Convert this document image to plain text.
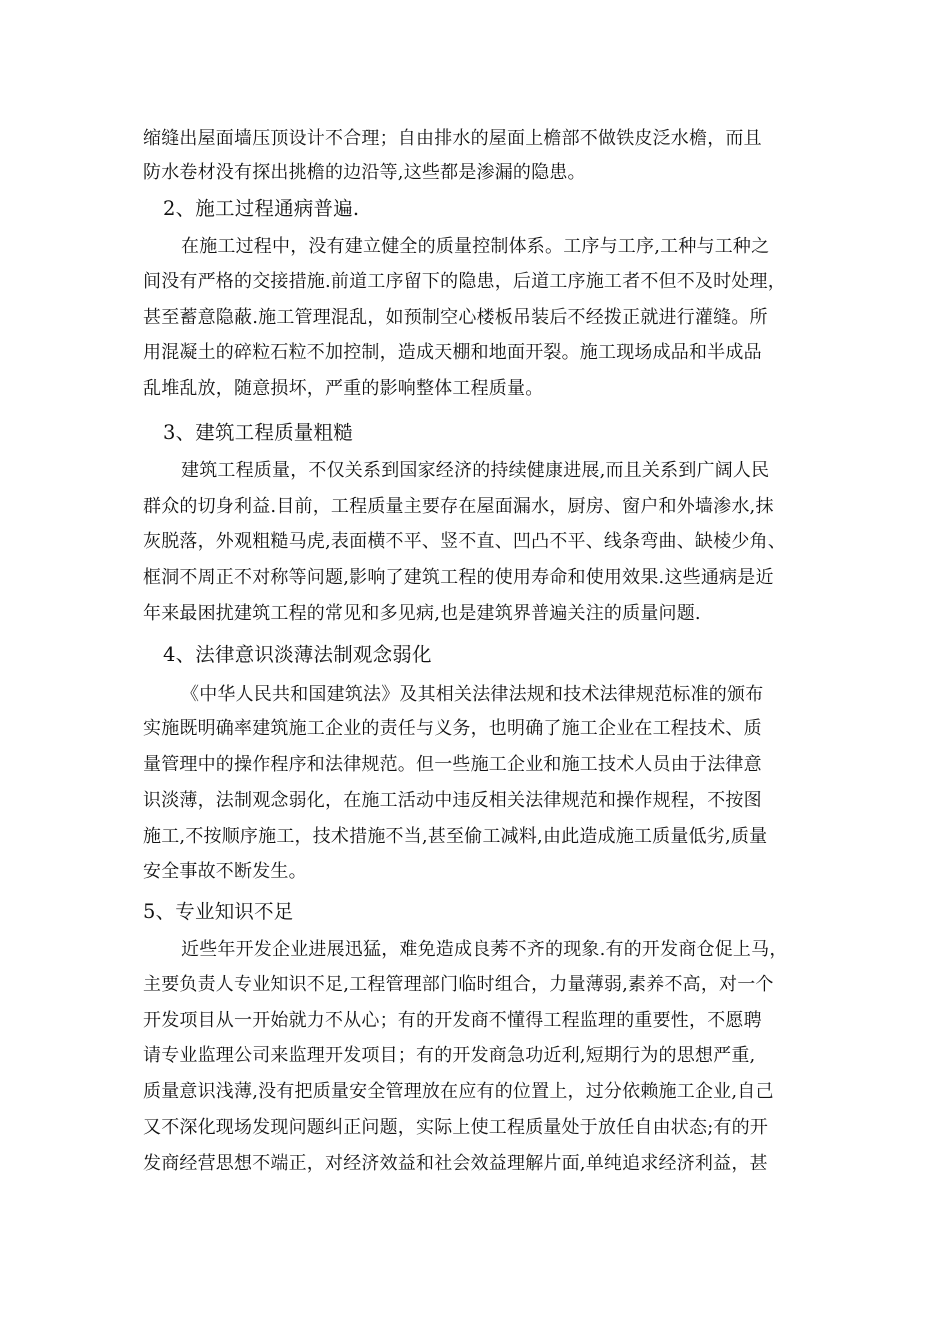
缩缝出屋面墙压顶设计不合理；自由排水的屋面上檐部不做铁皮泛水檐，而且
防水卷材没有探出挑檐的边沿等,这些都是渗漏的隐患。
2、施工过程通病普遍.
在施工过程中，没有建立健全的质量控制体系。工序与工序,工种与工种之
间没有严格的交接措施.前道工序留下的隐患，后道工序施工者不但不及时处理，
甚至蓄意隐蔽.施工管理混乱，如预制空心楼板吊装后不经拨正就进行灌缝。所
用混凝土的碎粒石粒不加控制，造成天棚和地面开裂。施工现场成品和半成品
乱堆乱放，随意损坏，严重的影响整体工程质量。
3、建筑工程质量粗糙
建筑工程质量，不仅关系到国家经济的持续健康进展,而且关系到广阔人民
群众的切身利益.目前，工程质量主要存在屋面漏水，厨房、窗户和外墙渗水,抹
灰脱落，外观粗糙马虎,表面横不平、竖不直、凹凸不平、线条弯曲、缺棱少角、
框洞不周正不对称等问题,影响了建筑工程的使用寿命和使用效果.这些通病是近
年来最困扰建筑工程的常见和多见病,也是建筑界普遍关注的质量问题.
4、法律意识淡薄法制观念弱化
《中华人民共和国建筑法》及其相关法律法规和技术法律规范标准的颁布
实施既明确率建筑施工企业的责任与义务，也明确了施工企业在工程技术、质
量管理中的操作程序和法律规范。但一些施工企业和施工技术人员由于法律意
识淡薄，法制观念弱化，在施工活动中违反相关法律规范和操作规程，不按图
施工,不按顺序施工，技术措施不当,甚至偷工减料,由此造成施工质量低劣,质量
安全事故不断发生。
5、专业知识不足
近些年开发企业进展迅猛，难免造成良莠不齐的现象.有的开发商仓促上马，
主要负责人专业知识不足,工程管理部门临时组合，力量薄弱,素养不高，对一个
开发项目从一开始就力不从心；有的开发商不懂得工程监理的重要性，不愿聘
请专业监理公司来监理开发项目；有的开发商急功近利,短期行为的思想严重,
质量意识浅薄,没有把质量安全管理放在应有的位置上，过分依赖施工企业,自己
又不深化现场发现问题纠正问题，实际上使工程质量处于放任自由状态;有的开
发商经营思想不端正，对经济效益和社会效益理解片面,单纯追求经济利益，甚
